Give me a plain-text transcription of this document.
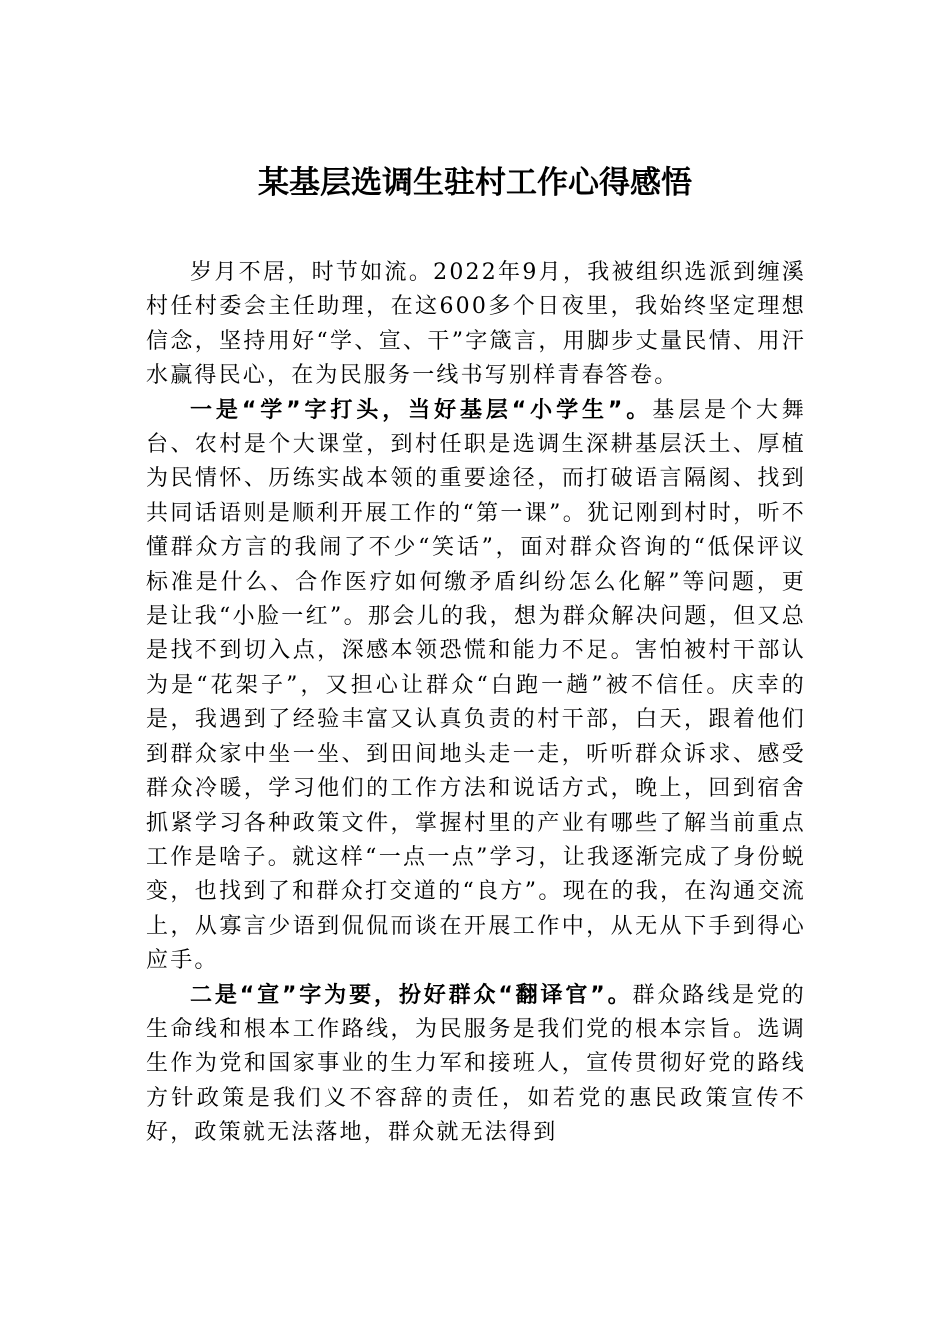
某基层选调生驻村工作心得感悟

岁月不居，时节如流。2022年9月，我被组织选派到缠溪村任村委会主任助理，在这600多个日夜里，我始终坚定理想信念，坚持用好“学、宣、干”字箴言，用脚步丈量民情、用汗水赢得民心，在为民服务一线书写别样青春答卷。

一是“学”字打头，当好基层“小学生”。基层是个大舞台、农村是个大课堂，到村任职是选调生深耕基层沃土、厚植为民情怀、历练实战本领的重要途径，而打破语言隔阂、找到共同话语则是顺利开展工作的“第一课”。犹记刚到村时，听不懂群众方言的我闹了不少“笑话”，面对群众咨询的“低保评议标准是什么、合作医疗如何缴矛盾纠纷怎么化解”等问题，更是让我“小脸一红”。那会儿的我，想为群众解决问题，但又总是找不到切入点，深感本领恐慌和能力不足。害怕被村干部认为是“花架子”，又担心让群众“白跑一趟”被不信任。庆幸的是，我遇到了经验丰富又认真负责的村干部，白天，跟着他们到群众家中坐一坐、到田间地头走一走，听听群众诉求、感受群众冷暖，学习他们的工作方法和说话方式，晚上，回到宿舍抓紧学习各种政策文件，掌握村里的产业有哪些了解当前重点工作是啥子。就这样“一点一点”学习，让我逐渐完成了身份蜕变，也找到了和群众打交道的“良方”。现在的我，在沟通交流上，从寡言少语到侃侃而谈在开展工作中，从无从下手到得心应手。

二是“宣”字为要，扮好群众“翻译官”。群众路线是党的生命线和根本工作路线，为民服务是我们党的根本宗旨。选调生作为党和国家事业的生力军和接班人，宣传贯彻好党的路线方针政策是我们义不容辞的责任，如若党的惠民政策宣传不好，政策就无法落地，群众就无法得到
